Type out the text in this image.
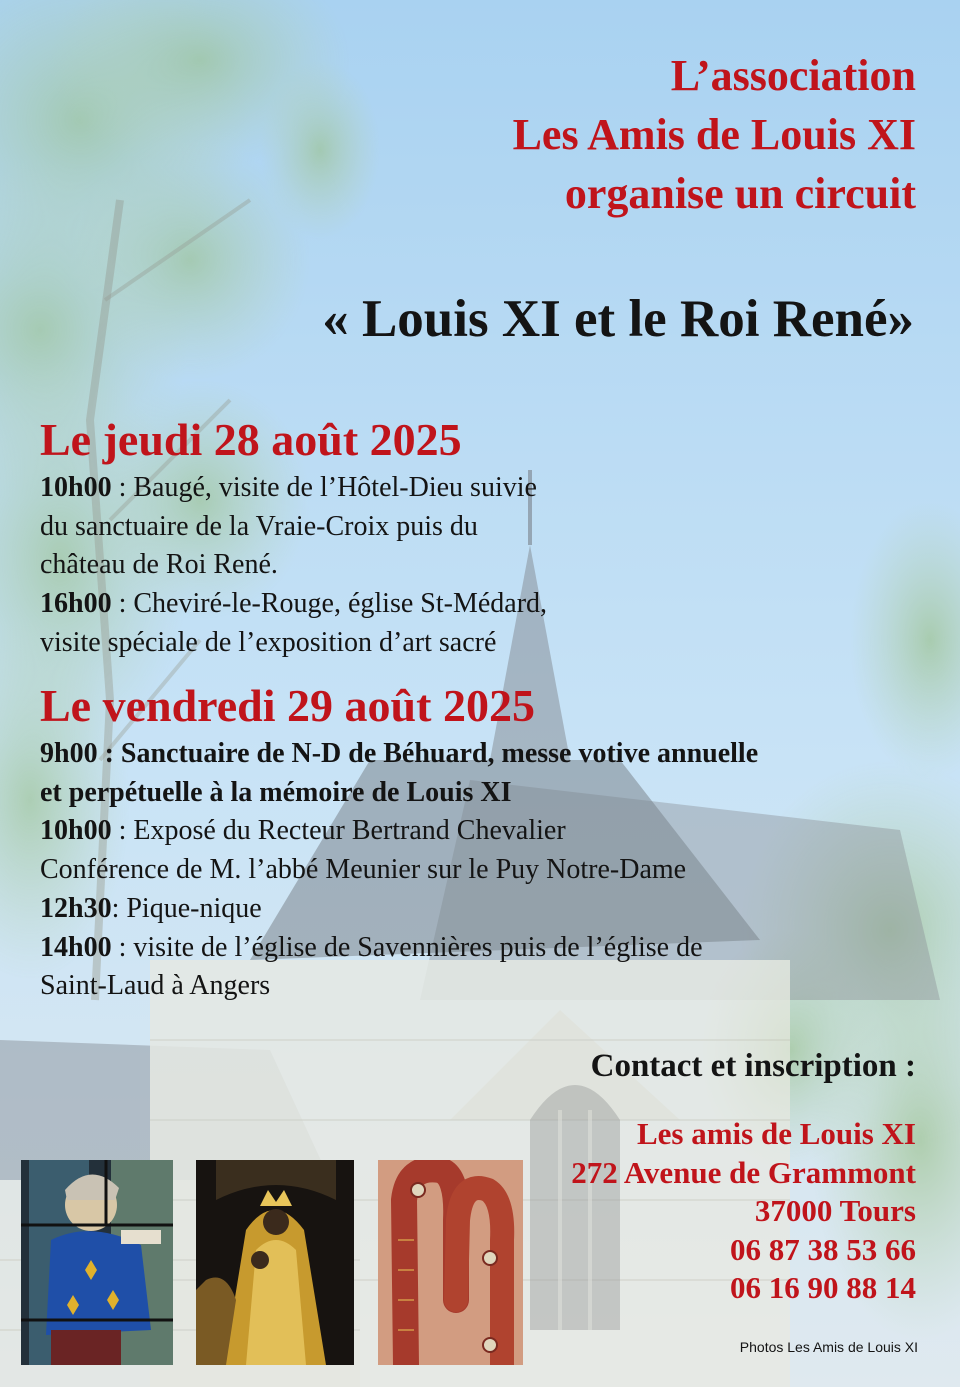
L’association
Les Amis de Louis XI
organise un circuit
« Louis XI et le Roi René»
Le jeudi 28 août 2025
10h00 : Baugé, visite de l’Hôtel-Dieu suivie
du sanctuaire de la Vraie-Croix puis du
château de Roi René.
16h00 : Cheviré-le-Rouge, église St-Médard,
visite spéciale de l’exposition d’art sacré
Le vendredi 29 août 2025
9h00 : Sanctuaire de N-D de Béhuard, messe votive annuelle
et perpétuelle à la mémoire de Louis XI
10h00 : Exposé du Recteur Bertrand Chevalier
Conférence de M. l’abbé Meunier sur le Puy Notre-Dame
12h30: Pique-nique
14h00 : visite de l’église de Savennières puis de l’église de
Saint-Laud à Angers
Contact et inscription :
Les amis de Louis XI
272 Avenue de Grammont
37000 Tours
06 87 38 53 66
06 16 90 88 14
Photos Les Amis de Louis XI
